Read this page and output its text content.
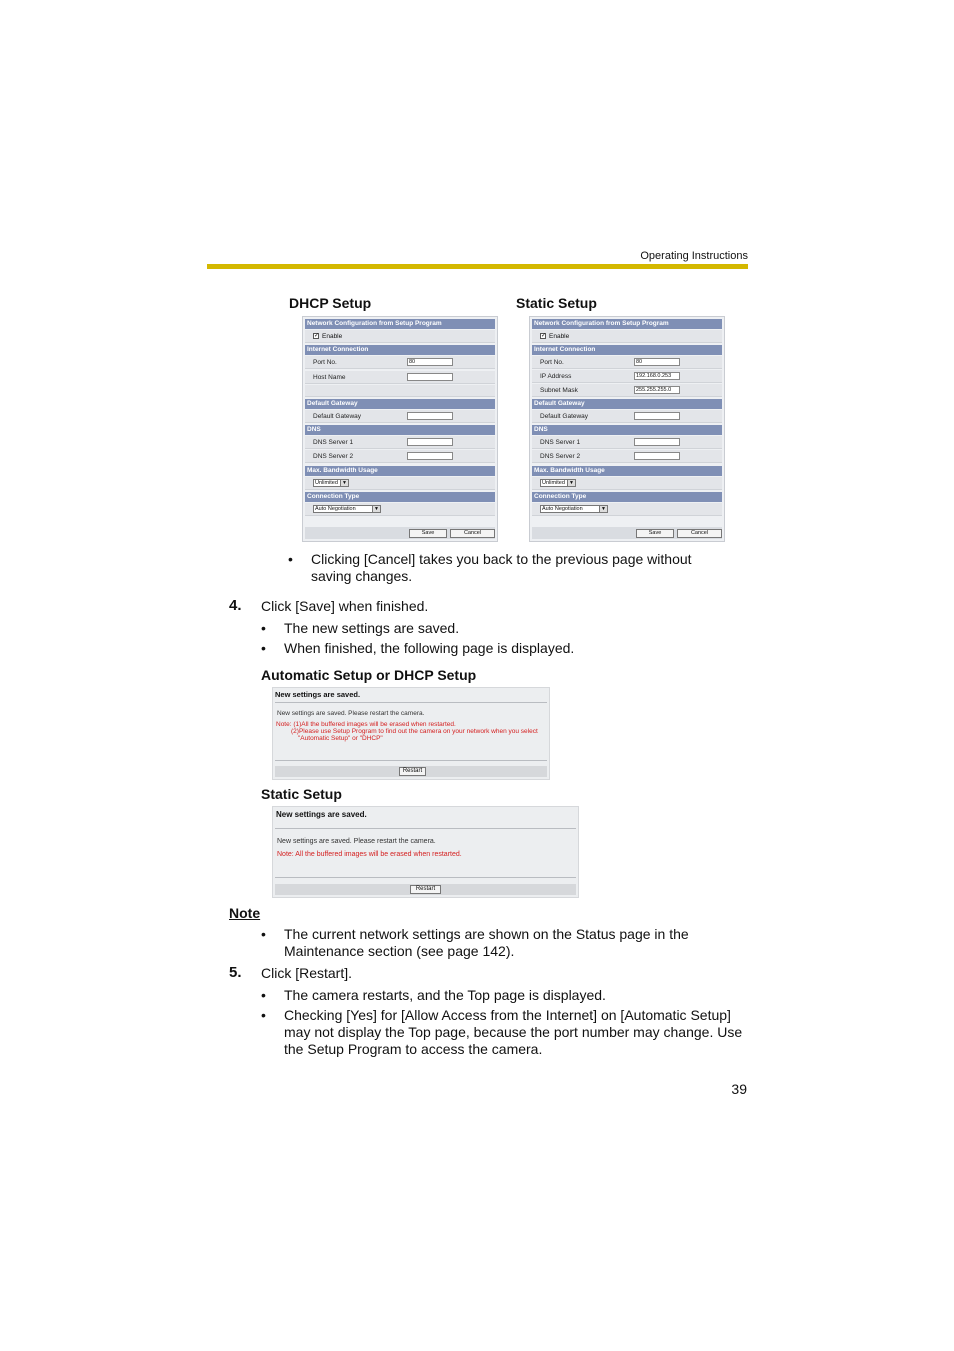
Operating Instructions
DHCP Setup	Static Setup
Network Configuration from Setup Program
✓ Enable
Internet Connection
Port No.	80
Host Name
Default Gateway
Default Gateway
DNS
DNS Server 1
DNS Server 2
Max. Bandwidth Usage
Unlimited ▼
Connection Type
Auto Negotiation	▼
Save	Cancel
Network Configuration from Setup Program
✓ Enable
Internet Connection
Port No.	80
IP Address	192.168.0.253
Subnet Mask	255.255.255.0
Default Gateway
Default Gateway
DNS
DNS Server 1
DNS Server 2
Max. Bandwidth Usage
Unlimited ▼
Connection Type
Auto Negotiation	▼
Save	Cancel
• Clicking [Cancel] takes you back to the previous page without
saving changes.
4. Click [Save] when finished.
• The new settings are saved.
• When finished, the following page is displayed.
Automatic Setup or DHCP Setup
New settings are saved.
New settings are saved. Please restart the camera.
Note: (1)All the buffered images will be erased when restarted.
(2)Please use Setup Program to find out the camera on your network when you select
"Automatic Setup" or "DHCP"
Restart
Static Setup
New settings are saved.
New settings are saved. Please restart the camera.
Note: All the buffered images will be erased when restarted.
Restart
Note
• The current network settings are shown on the Status page in the
Maintenance section (see page 142).
5. Click [Restart].
• The camera restarts, and the Top page is displayed.
• Checking [Yes] for [Allow Access from the Internet] on [Automatic Setup]
may not display the Top page, because the port number may change. Use
the Setup Program to access the camera.
39
